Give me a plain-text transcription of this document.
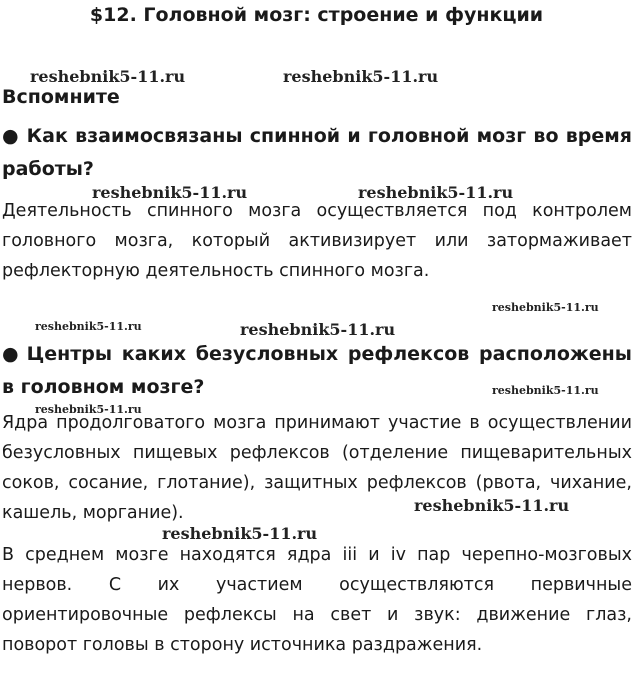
$12. Головной мозг: строение и функции
reshebnik5-11.ru	reshebnik5-11.ru
Вспомните
● Как взаимосвязаны спинной и головной мозг во время работы?
reshebnik5-11.ru	reshebnik5-11.ru
Деятельность спинного мозга осуществляется под контролем головного мозга, который активизирует или затормаживает рефлекторную деятельность спинного мозга.
reshebnik5-11.ru
reshebnik5-11.ru	reshebnik5-11.ru
● Центры каких безусловных рефлексов расположены в головном мозге?	reshebnik5-11.ru
reshebnik5-11.ru
Ядра продолговатого мозга принимают участие в осуществлении безусловных пищевых рефлексов (отделение пищеварительных соков, сосание, глотание), защитных рефлексов (рвота, чихание, кашель, моргание).	reshebnik5-11.ru
reshebnik5-11.ru
В среднем мозге находятся ядра iii и iv пар черепно-мозговых нервов. С их участием осуществляются первичные ориентировочные рефлексы на свет и звук: движение глаз, поворот головы в сторону источника раздражения.
